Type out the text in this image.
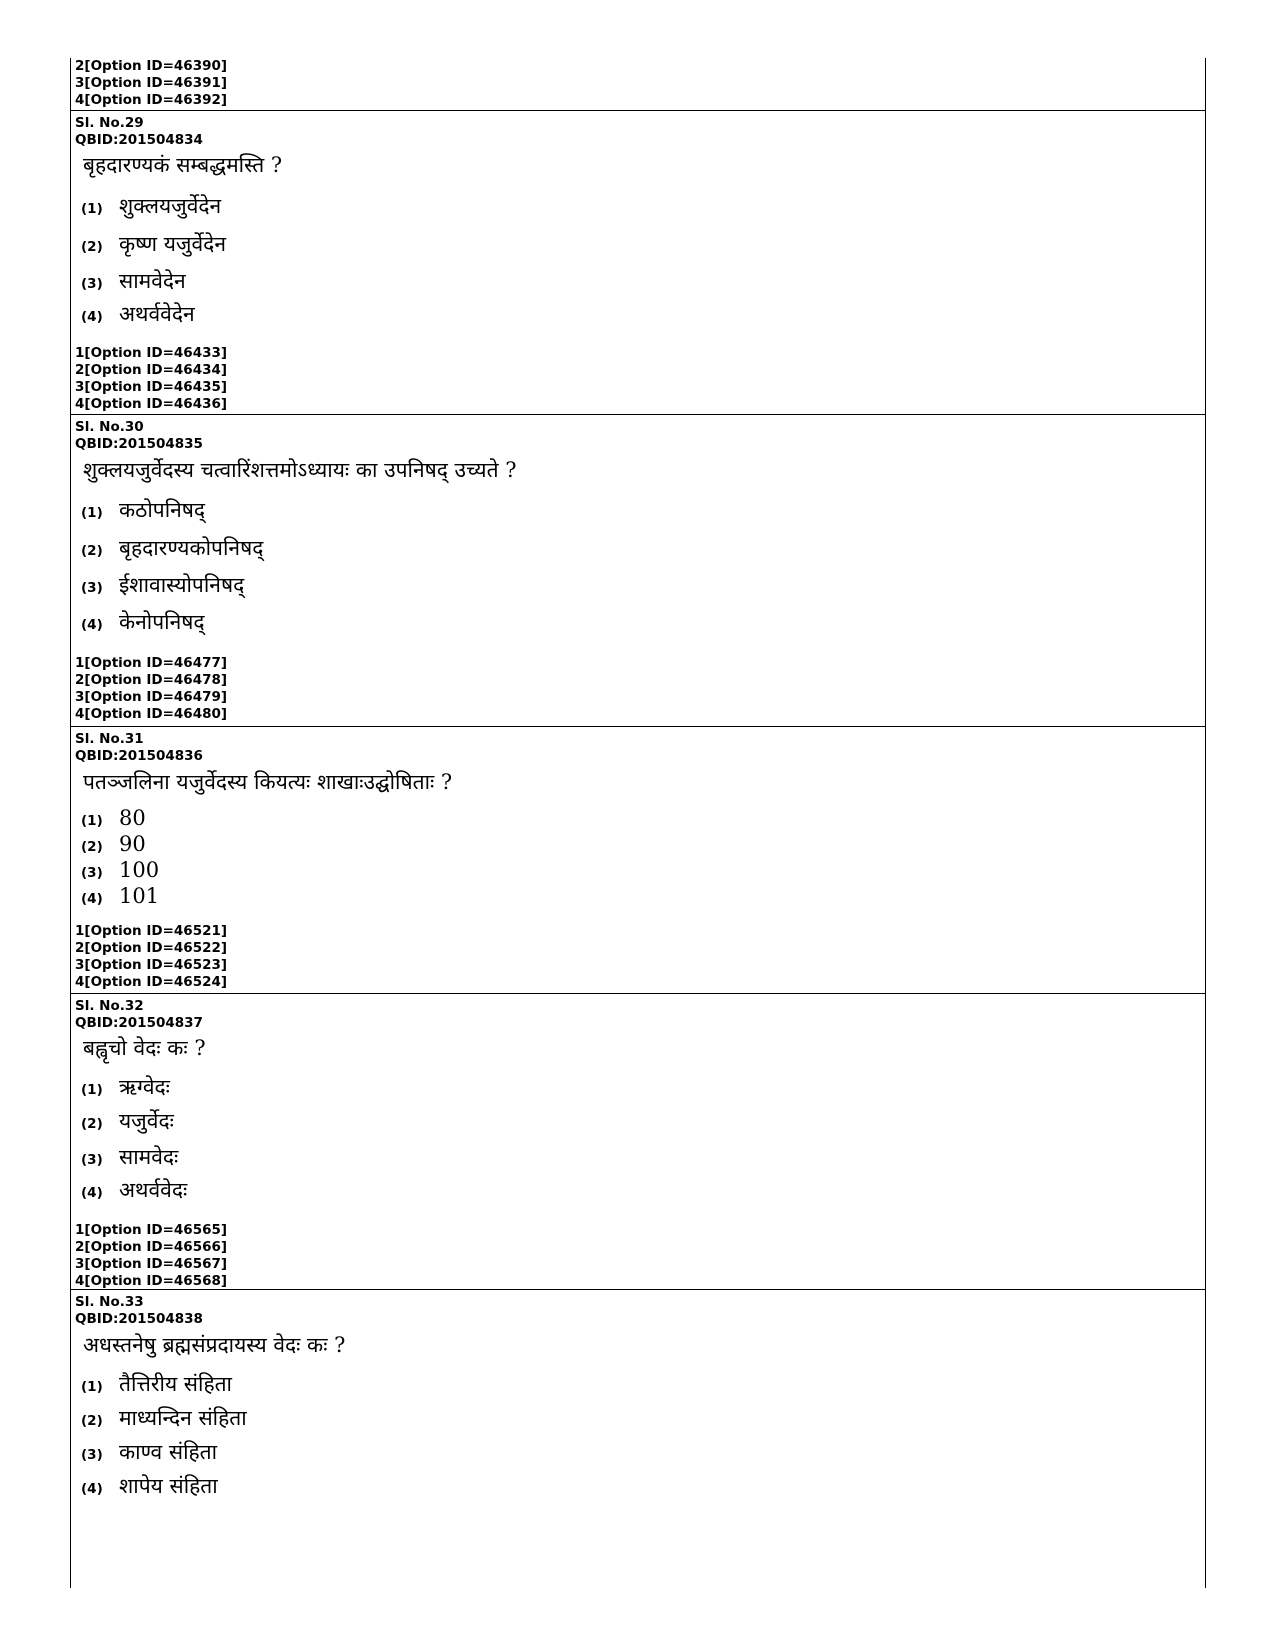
2[Option ID=46390]
3[Option ID=46391]
4[Option ID=46392]
Sl. No.29
QBID:201504834
बृहदारण्यकं सम्बद्धमस्ति ?
(1) शुक्लयजुर्वेदेन
(2) कृष्ण यजुर्वेदेन
(3) सामवेदेन
(4) अथर्ववेदेन
1[Option ID=46433]
2[Option ID=46434]
3[Option ID=46435]
4[Option ID=46436]
Sl. No.30
QBID:201504835
शुक्लयजुर्वेदस्य चत्वारिंशत्तमोऽध्यायः का उपनिषद् उच्यते ?
(1) कठोपनिषद्
(2) बृहदारण्यकोपनिषद्
(3) ईशावास्योपनिषद्
(4) केनोपनिषद्
1[Option ID=46477]
2[Option ID=46478]
3[Option ID=46479]
4[Option ID=46480]
Sl. No.31
QBID:201504836
पतञ्जलिना यजुर्वेदस्य कियत्यः शाखाःउद्घोषिताः ?
(1) 80
(2) 90
(3) 100
(4) 101
1[Option ID=46521]
2[Option ID=46522]
3[Option ID=46523]
4[Option ID=46524]
Sl. No.32
QBID:201504837
बह्वृचो वेदः कः ?
(1) ऋग्वेदः
(2) यजुर्वेदः
(3) सामवेदः
(4) अथर्ववेदः
1[Option ID=46565]
2[Option ID=46566]
3[Option ID=46567]
4[Option ID=46568]
Sl. No.33
QBID:201504838
अधस्तनेषु ब्रह्मसंप्रदायस्य वेदः कः ?
(1) तैत्तिरीय संहिता
(2) माध्यन्दिन संहिता
(3) काण्व संहिता
(4) शापेय संहिता
